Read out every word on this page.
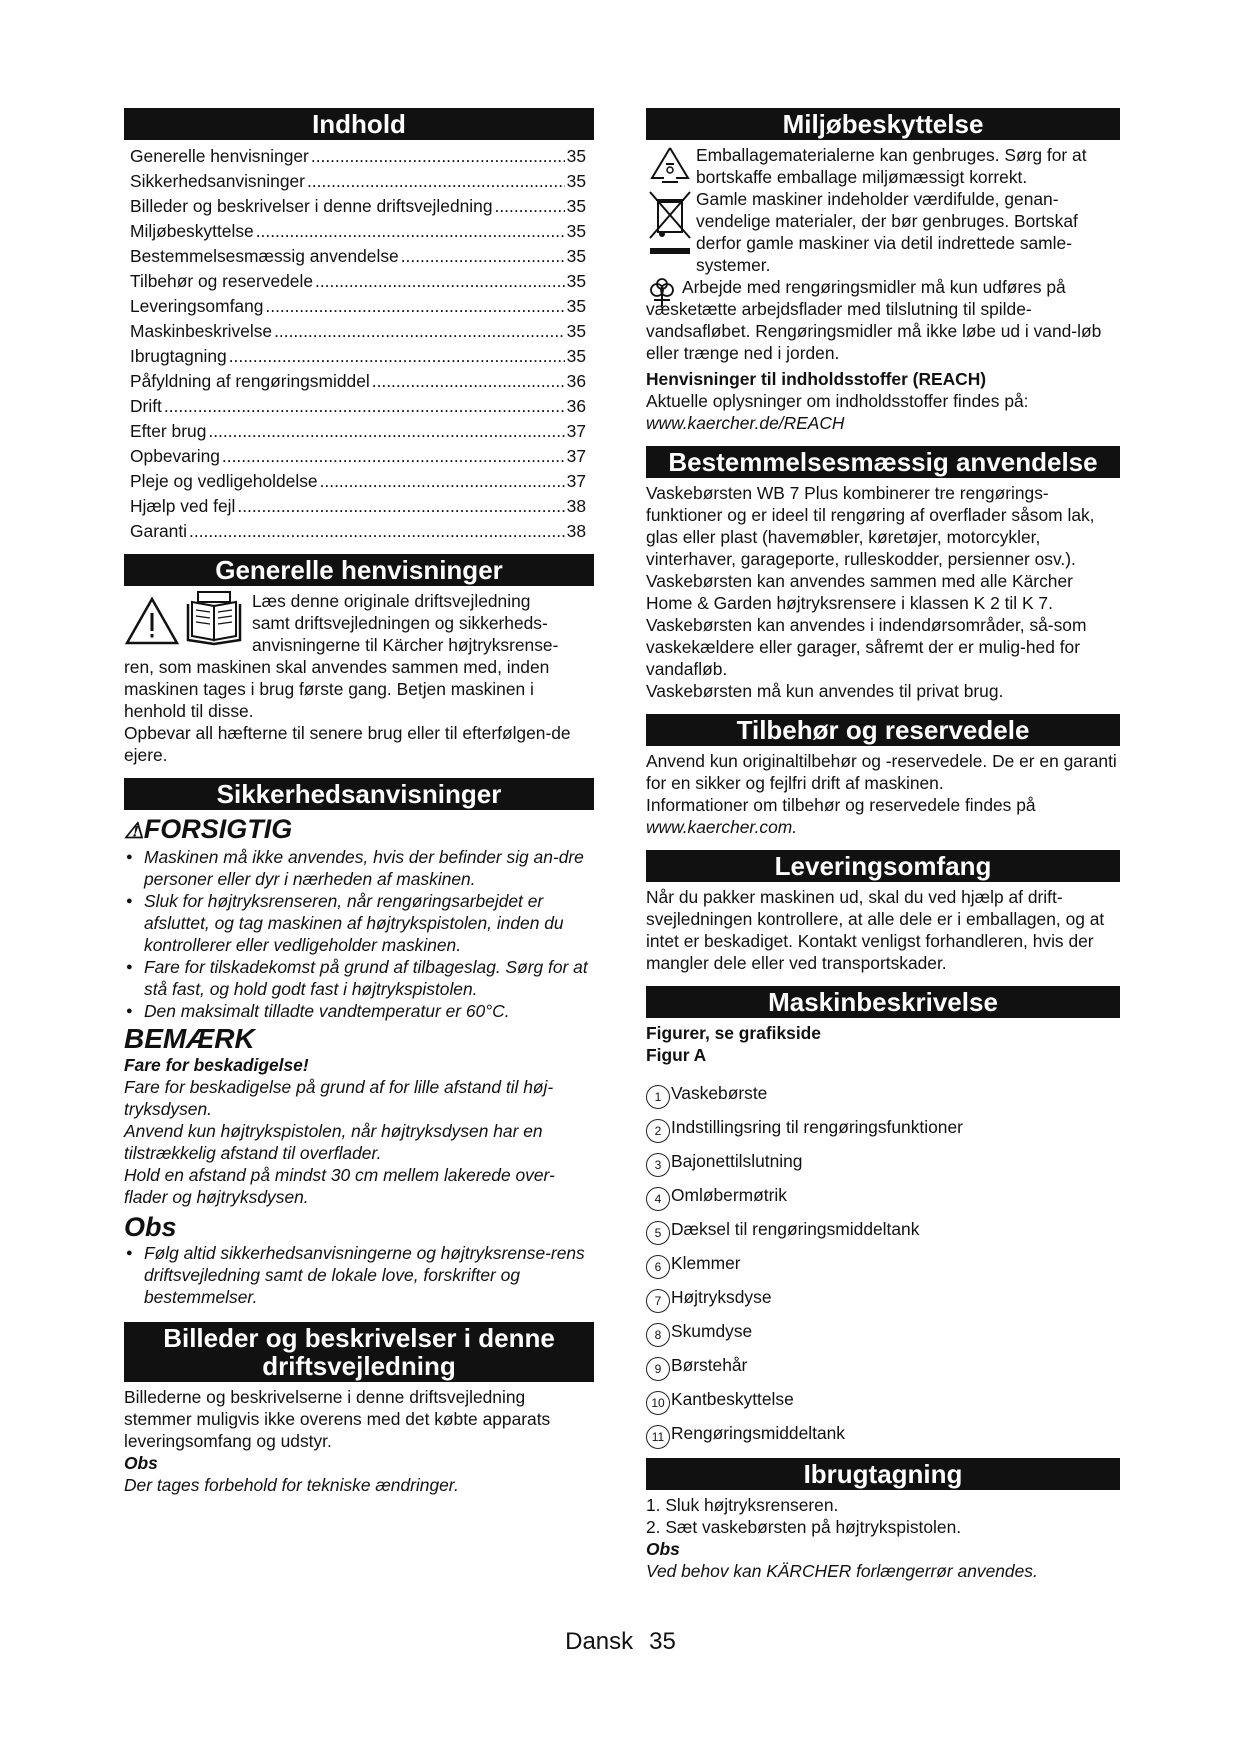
Indhold
Generelle henvisninger .....	35
Sikkerhedsanvisninger .....	35
Billeder og beskrivelser i denne driftsvejledning .....	35
Miljøbeskyttelse .....	35
Bestemmelsesmæssig anvendelse .....	35
Tilbehør og reservedele .....	35
Leveringsomfang .....	35
Maskinbeskrivelse .....	35
Ibrugtagning .....	35
Påfyldning af rengøringsmiddel .....	36
Drift .....	36
Efter brug .....	37
Opbevaring .....	37
Pleje og vedligeholdelse .....	37
Hjælp ved fejl .....	38
Garanti .....	38
Generelle henvisninger

Læs denne originale driftsvejledning

samt driftsvejledningen og sikkerheds-

anvisningerne til Kärcher højtryksrense-

ren, som maskinen skal anvendes sammen med, inden maskinen tages i brug første gang. Betjen maskinen i henhold til disse.

Opbevar all hæfterne til senere brug eller til efterfølgen-de ejere.

Sikkerhedsanvisninger
⚠FORSIGTIG
● Maskinen må ikke anvendes, hvis der befinder sig an-dre personer eller dyr i nærheden af maskinen.
● Sluk for højtryksrenseren, når rengøringsarbejdet er afsluttet, og tag maskinen af højtrykspistolen, inden du kontrollerer eller vedligeholder maskinen.
● Fare for tilskadekomst på grund af tilbageslag. Sørg for at stå fast, og hold godt fast i højtrykspistolen.
● Den maksimalt tilladte vandtemperatur er 60°C.
BEMÆRK

Fare for beskadigelse!

Fare for beskadigelse på grund af for lille afstand til høj-tryksdysen.

Anvend kun højtrykspistolen, når højtryksdysen har en tilstrækkelig afstand til overflader.

Hold en afstand på mindst 30 cm mellem lakerede over-flader og højtryksdysen.

Obs
● Følg altid sikkerhedsanvisningerne og højtryksrense-rens driftsvejledning samt de lokale love, forskrifter og bestemmelser.
Billeder og beskrivelser i denne
driftsvejledning

Billederne og beskrivelserne i denne driftsvejledning stemmer muligvis ikke overens med det købte apparats leveringsomfang og udstyr.

Obs

Der tages forbehold for tekniske ændringer.

Miljøbeskyttelse

Emballagematerialerne kan genbruges. Sørg for at bortskaffe emballage miljømæssigt korrekt.

Gamle maskiner indeholder værdifulde, genan-vendelige materialer, der bør genbruges. Bortskaf derfor gamle maskiner via detil indrettede samle-systemer.

Arbejde med rengøringsmidler må kun udføres på væsketætte arbejdsflader med tilslutning til spilde-vandsafløbet. Rengøringsmidler må ikke løbe ud i vand-løb eller trænge ned i jorden.

Henvisninger til indholdsstoffer (REACH)

Aktuelle oplysninger om indholdsstoffer findes på:

www.kaercher.de/REACH

Bestemmelsesmæssig anvendelse

Vaskebørsten WB 7 Plus kombinerer tre rengørings-funktioner og er ideel til rengøring af overflader såsom lak, glas eller plast (havemøbler, køretøjer, motorcykler, vinterhaver, garageporte, rulleskodder, persienner osv.).

Vaskebørsten kan anvendes sammen med alle Kärcher Home & Garden højtryksrensere i klassen K 2 til K 7.

Vaskebørsten kan anvendes i indendørsområder, så-som vaskekældere eller garager, såfremt der er mulig-hed for vandafløb.

Vaskebørsten må kun anvendes til privat brug.

Tilbehør og reservedele

Anvend kun originaltilbehør og -reservedele. De er en garanti for en sikker og fejlfri drift af maskinen.

Informationer om tilbehør og reservedele findes på

www.kaercher.com.

Leveringsomfang

Når du pakker maskinen ud, skal du ved hjælp af drift-svejledningen kontrollere, at alle dele er i emballagen, og at intet er beskadiget. Kontakt venligst forhandleren, hvis der mangler dele eller ved transportskader.

Maskinbeskrivelse

Figurer, se grafikside

Figur A

1 Vaskebørste
2 Indstillingsring til rengøringsfunktioner
3 Bajonettilslutning
4 Omløbermøtrik
5 Dæksel til rengøringsmiddeltank
6 Klemmer
7 Højtryksdyse
8 Skumdyse
9 Børstehår
10 Kantbeskyttelse
11 Rengøringsmiddeltank
Ibrugtagning

1. Sluk højtryksrenseren.

2. Sæt vaskebørsten på højtrykspistolen.

Obs

Ved behov kan KÄRCHER forlængerrør anvendes.

Dansk 35
